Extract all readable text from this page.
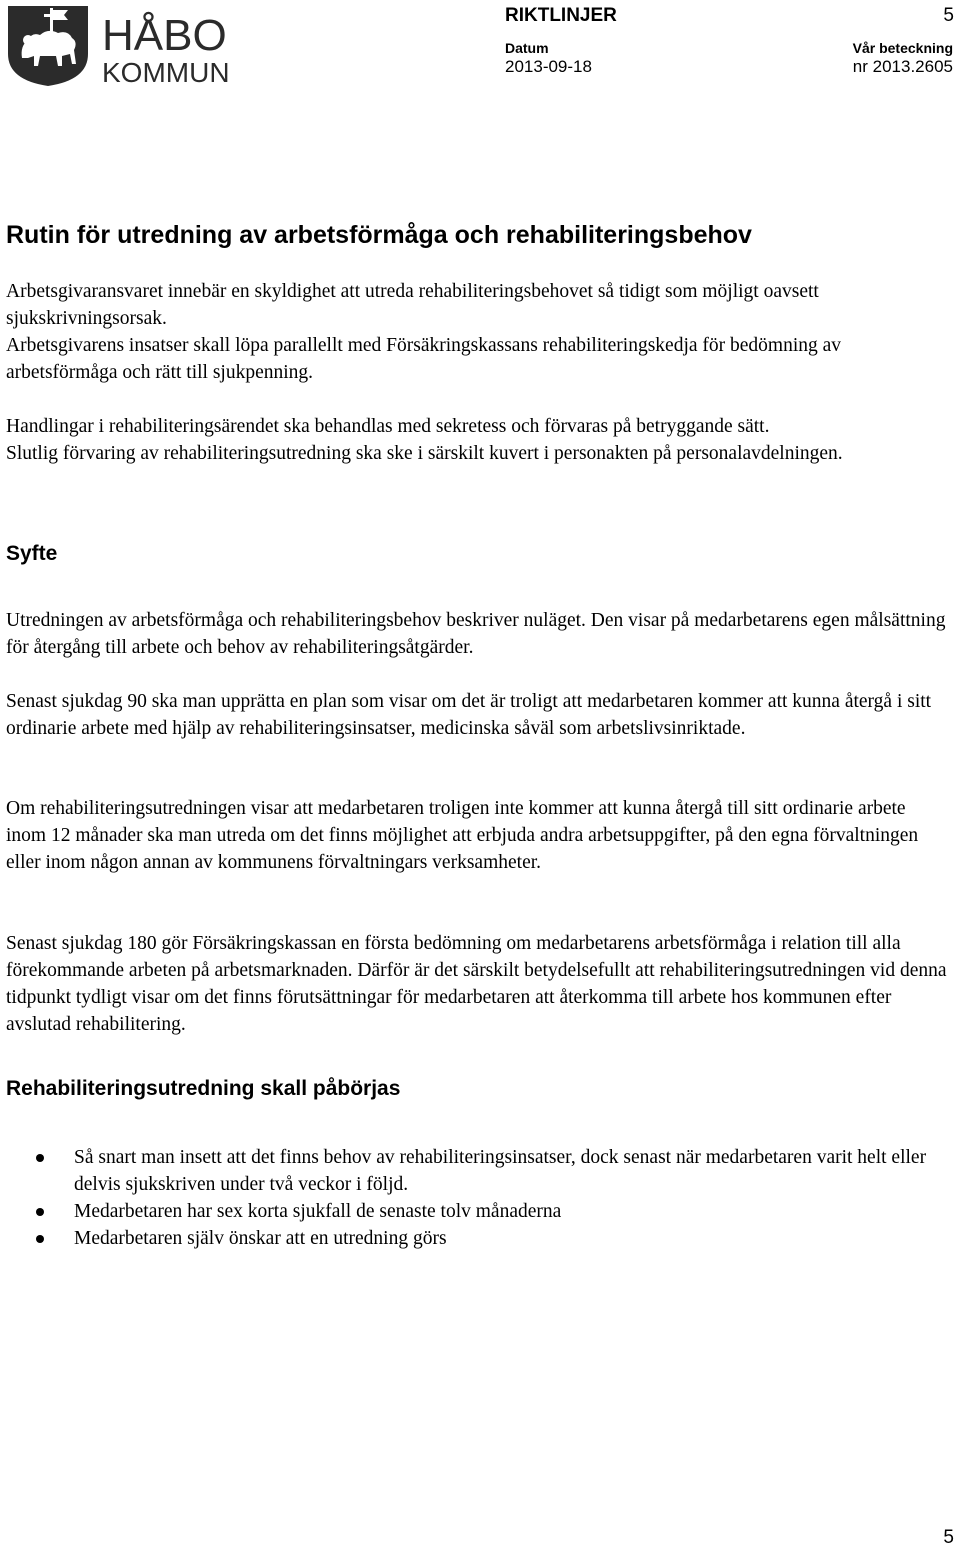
HÅBO
KOMMUN
RIKTLINJER	5
Datum
2013-09-18
Vår beteckning
nr 2013.2605
Rutin för utredning av arbetsförmåga och rehabiliteringsbehov

Arbetsgivaransvaret innebär en skyldighet att utreda rehabiliteringsbehovet så tidigt som möjligt oavsett sjukskrivningsorsak.

Arbetsgivarens insatser skall löpa parallellt med Försäkringskassans rehabiliteringskedja för bedömning av arbetsförmåga och rätt till sjukpenning.

Handlingar i rehabiliteringsärendet ska behandlas med sekretess och förvaras på betryggande sätt.

Slutlig förvaring av rehabiliteringsutredning ska ske i särskilt kuvert i personakten på personalavdelningen.

Syfte

Utredningen av arbetsförmåga och rehabiliteringsbehov beskriver nuläget. Den visar på medarbetarens egen målsättning för återgång till arbete och behov av rehabiliteringsåtgärder.

Senast sjukdag 90 ska man upprätta en plan som visar om det är troligt att medarbetaren kommer att kunna återgå i sitt ordinarie arbete med hjälp av rehabiliteringsinsatser, medicinska såväl som arbetslivsinriktade.

Om rehabiliteringsutredningen visar att medarbetaren troligen inte kommer att kunna återgå till sitt ordinarie arbete inom 12 månader ska man utreda om det finns möjlighet att erbjuda andra arbetsuppgifter, på den egna förvaltningen eller inom någon annan av kommunens förvaltningars verksamheter.

Senast sjukdag 180 gör Försäkringskassan en första bedömning om medarbetarens arbetsförmåga i relation till alla förekommande arbeten på arbetsmarknaden. Därför är det särskilt betydelsefullt att rehabiliteringsutredningen vid denna tidpunkt tydligt visar om det finns förutsättningar för medarbetaren att återkomma till arbete hos kommunen efter avslutad rehabilitering.

Rehabiliteringsutredning skall påbörjas
Så snart man insett att det finns behov av rehabiliteringsinsatser, dock senast när medarbetaren varit helt eller delvis sjukskriven under två veckor i följd.
Medarbetaren har sex korta sjukfall de senaste tolv månaderna
Medarbetaren själv önskar att en utredning görs
5
